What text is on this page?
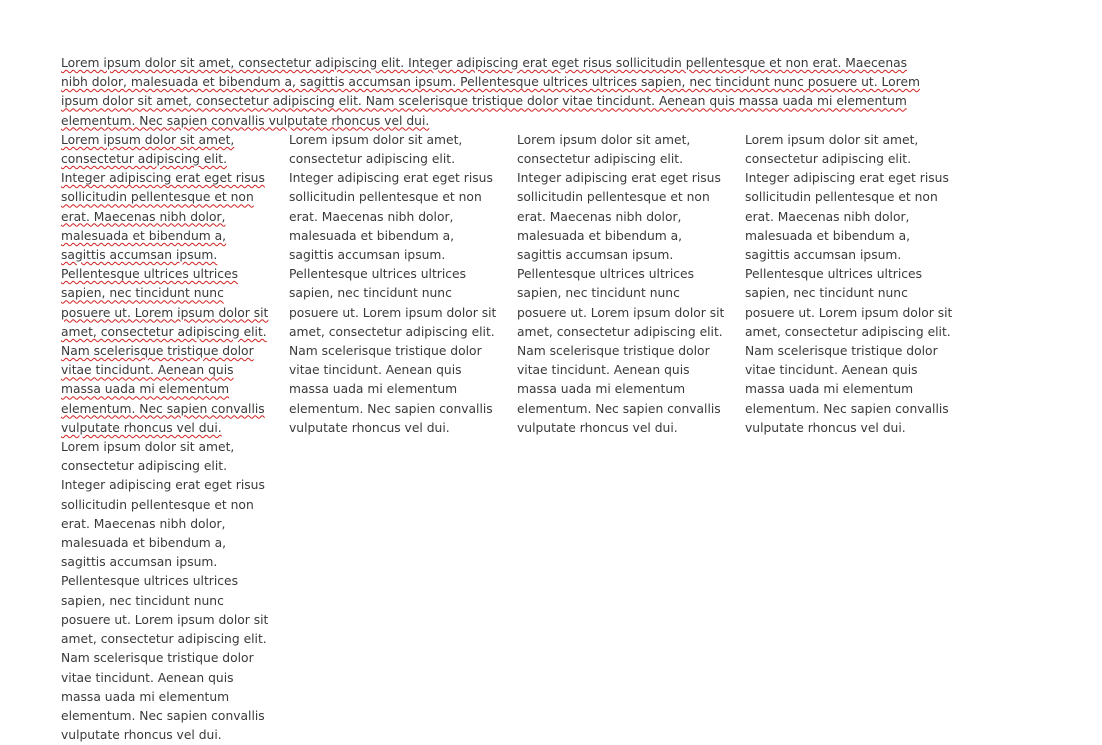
Lorem ipsum dolor sit amet, consectetur adipiscing elit. Integer adipiscing erat eget risus sollicitudin pellentesque et non erat. Maecenas nibh dolor, malesuada et bibendum a, sagittis accumsan ipsum. Pellentesque ultrices ultrices sapien, nec tincidunt nunc posuere ut. Lorem ipsum dolor sit amet, consectetur adipiscing elit. Nam scelerisque tristique dolor vitae tincidunt. Aenean quis massa uada mi elementum elementum. Nec sapien convallis vulputate rhoncus vel dui.

Lorem ipsum dolor sit amet, consectetur adipiscing elit. Integer adipiscing erat eget risus sollicitudin pellentesque et non erat. Maecenas nibh dolor, malesuada et bibendum a, sagittis accumsan ipsum. Pellentesque ultrices ultrices sapien, nec tincidunt nunc posuere ut. Lorem ipsum dolor sit amet, consectetur adipiscing elit. Nam scelerisque tristique dolor vitae tincidunt. Aenean quis massa uada mi elementum elementum. Nec sapien convallis vulputate rhoncus vel dui.

Lorem ipsum dolor sit amet, consectetur adipiscing elit. Integer adipiscing erat eget risus sollicitudin pellentesque et non erat. Maecenas nibh dolor, malesuada et bibendum a, sagittis accumsan ipsum. Pellentesque ultrices ultrices sapien, nec tincidunt nunc posuere ut. Lorem ipsum dolor sit amet, consectetur adipiscing elit. Nam scelerisque tristique dolor vitae tincidunt. Aenean quis massa uada mi elementum elementum. Nec sapien convallis vulputate rhoncus vel dui.

Lorem ipsum dolor sit amet, consectetur adipiscing elit. Integer adipiscing erat eget risus sollicitudin pellentesque et non erat. Maecenas nibh dolor, malesuada et bibendum a, sagittis accumsan ipsum. Pellentesque ultrices ultrices sapien, nec tincidunt nunc posuere ut. Lorem ipsum dolor sit amet, consectetur adipiscing elit. Nam scelerisque tristique dolor vitae tincidunt. Aenean quis massa uada mi elementum elementum. Nec sapien convallis vulputate rhoncus vel dui.

Lorem ipsum dolor sit amet, consectetur adipiscing elit. Integer adipiscing erat eget risus sollicitudin pellentesque et non erat. Maecenas nibh dolor, malesuada et bibendum a, sagittis accumsan ipsum. Pellentesque ultrices ultrices sapien, nec tincidunt nunc posuere ut. Lorem ipsum dolor sit amet, consectetur adipiscing elit. Nam scelerisque tristique dolor vitae tincidunt. Aenean quis massa uada mi elementum elementum. Nec sapien convallis vulputate rhoncus vel dui.

Lorem ipsum dolor sit amet, consectetur adipiscing elit. Integer adipiscing erat eget risus sollicitudin pellentesque et non erat. Maecenas nibh dolor, malesuada et bibendum a, sagittis accumsan ipsum. Pellentesque ultrices ultrices sapien, nec tincidunt nunc posuere ut. Lorem ipsum dolor sit amet, consectetur adipiscing elit. Nam scelerisque tristique dolor vitae tincidunt. Aenean quis massa uada mi elementum elementum. Nec sapien convallis vulputate rhoncus vel dui.
